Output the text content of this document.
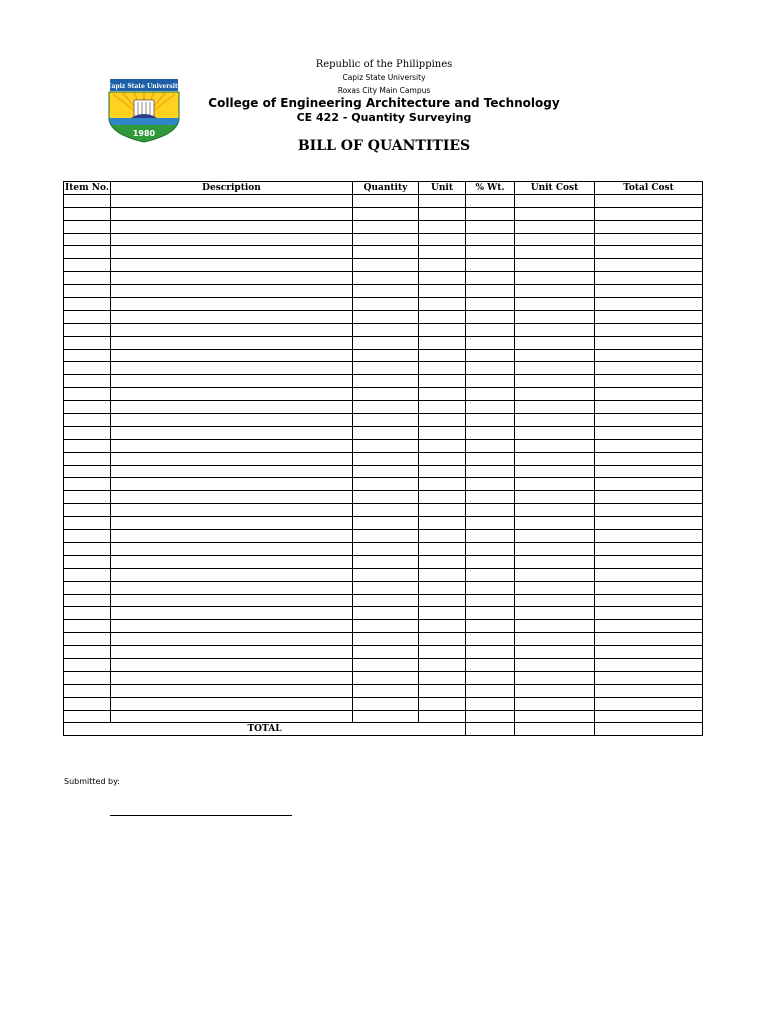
Capiz State University
1980
Republic of the Philippines
Capiz State University
Roxas City Main Campus
College of Engineering Architecture and Technology
CE 422 - Quantity Surveying
BILL OF QUANTITIES
Item No.	Description	Quantity	Unit	% Wt.	Unit Cost	Total Cost

TOTAL						
Submitted by:
